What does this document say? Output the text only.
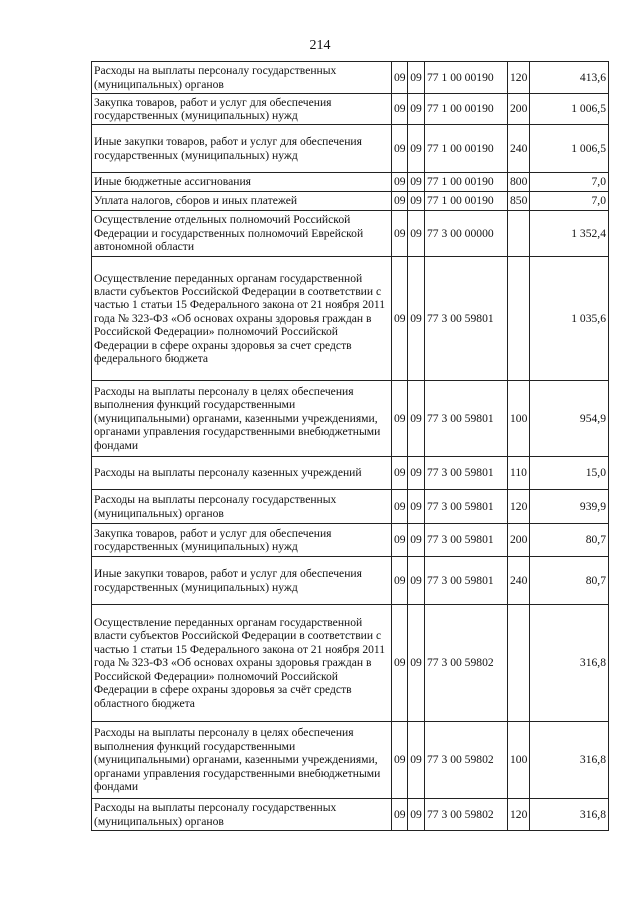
214
Расходы на выплаты персоналу государственных (муниципальных) органов	09	09	77 1 00 00190	120	413,6
Закупка товаров, работ и услуг для обеспечения государственных (муниципальных) нужд	09	09	77 1 00 00190	200	1 006,5
Иные закупки товаров, работ и услуг для обеспечения государственных (муниципальных) нужд	09	09	77 1 00 00190	240	1 006,5
Иные бюджетные ассигнования	09	09	77 1 00 00190	800	7,0
Уплата налогов, сборов и иных платежей	09	09	77 1 00 00190	850	7,0
Осуществление отдельных полномочий Российской Федерации и государственных полномочий Еврейской автономной области	09	09	77 3 00 00000		1 352,4
Осуществление переданных органам государственной власти субъектов Российской Федерации в соответствии с частью 1 статьи 15 Федерального закона от 21 ноября 2011 года № 323-ФЗ «Об основах охраны здоровья граждан в Российской Федерации» полномочий Российской Федерации в сфере охраны здоровья за счет средств федерального бюджета	09	09	77 3 00 59801		1 035,6
Расходы на выплаты персоналу в целях обеспечения выполнения функций государственными (муниципальными) органами, казенными учреждениями, органами управления государственными внебюджетными фондами	09	09	77 3 00 59801	100	954,9
Расходы на выплаты персоналу казенных учреждений	09	09	77 3 00 59801	110	15,0
Расходы на выплаты персоналу государственных (муниципальных) органов	09	09	77 3 00 59801	120	939,9
Закупка товаров, работ и услуг для обеспечения государственных (муниципальных) нужд	09	09	77 3 00 59801	200	80,7
Иные закупки товаров, работ и услуг для обеспечения государственных (муниципальных) нужд	09	09	77 3 00 59801	240	80,7
Осуществление переданных органам государственной власти субъектов Российской Федерации в соответствии с частью 1 статьи 15 Федерального закона от 21 ноября 2011 года № 323-ФЗ «Об основах охраны здоровья граждан в Российской Федерации» полномочий Российской Федерации в сфере охраны здоровья за счёт средств областного бюджета	09	09	77 3 00 59802		316,8
Расходы на выплаты персоналу в целях обеспечения выполнения функций государственными (муниципальными) органами, казенными учреждениями, органами управления государственными внебюджетными фондами	09	09	77 3 00 59802	100	316,8
Расходы на выплаты персоналу государственных (муниципальных) органов	09	09	77 3 00 59802	120	316,8
